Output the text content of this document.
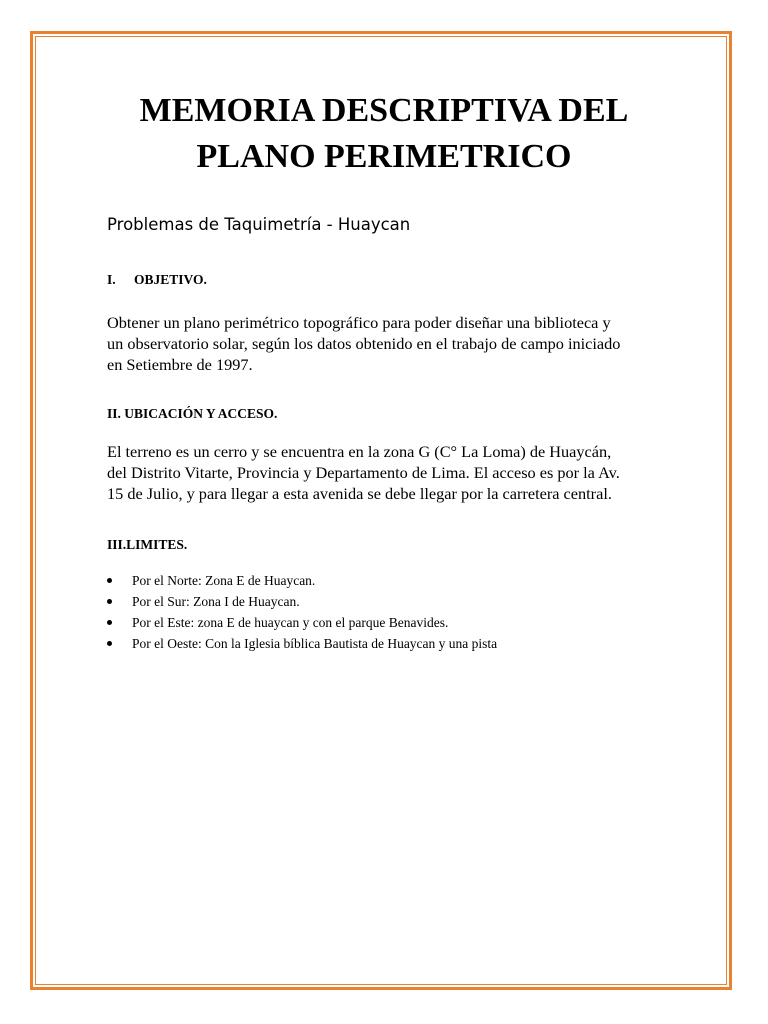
MEMORIA DESCRIPTIVA DEL
PLANO PERIMETRICO

Problemas de Taquimetría - Huaycan

I. OBJETIVO.

Obtener un plano perimétrico topográfico para poder diseñar una biblioteca y
un observatorio solar, según los datos obtenido en el trabajo de campo iniciado
en Setiembre de 1997.

II. UBICACIÓN Y ACCESO.

El terreno es un cerro y se encuentra en la zona G (C° La Loma) de Huaycán,
del Distrito Vitarte, Provincia y Departamento de Lima. El acceso es por la Av.
15 de Julio, y para llegar a esta avenida se debe llegar por la carretera central.

III.LIMITES.

Por el Norte: Zona E de Huaycan.
Por el Sur: Zona I de Huaycan.
Por el Este: zona E de huaycan y con el parque Benavides.
Por el Oeste: Con la Iglesia bíblica Bautista de Huaycan y una pista
